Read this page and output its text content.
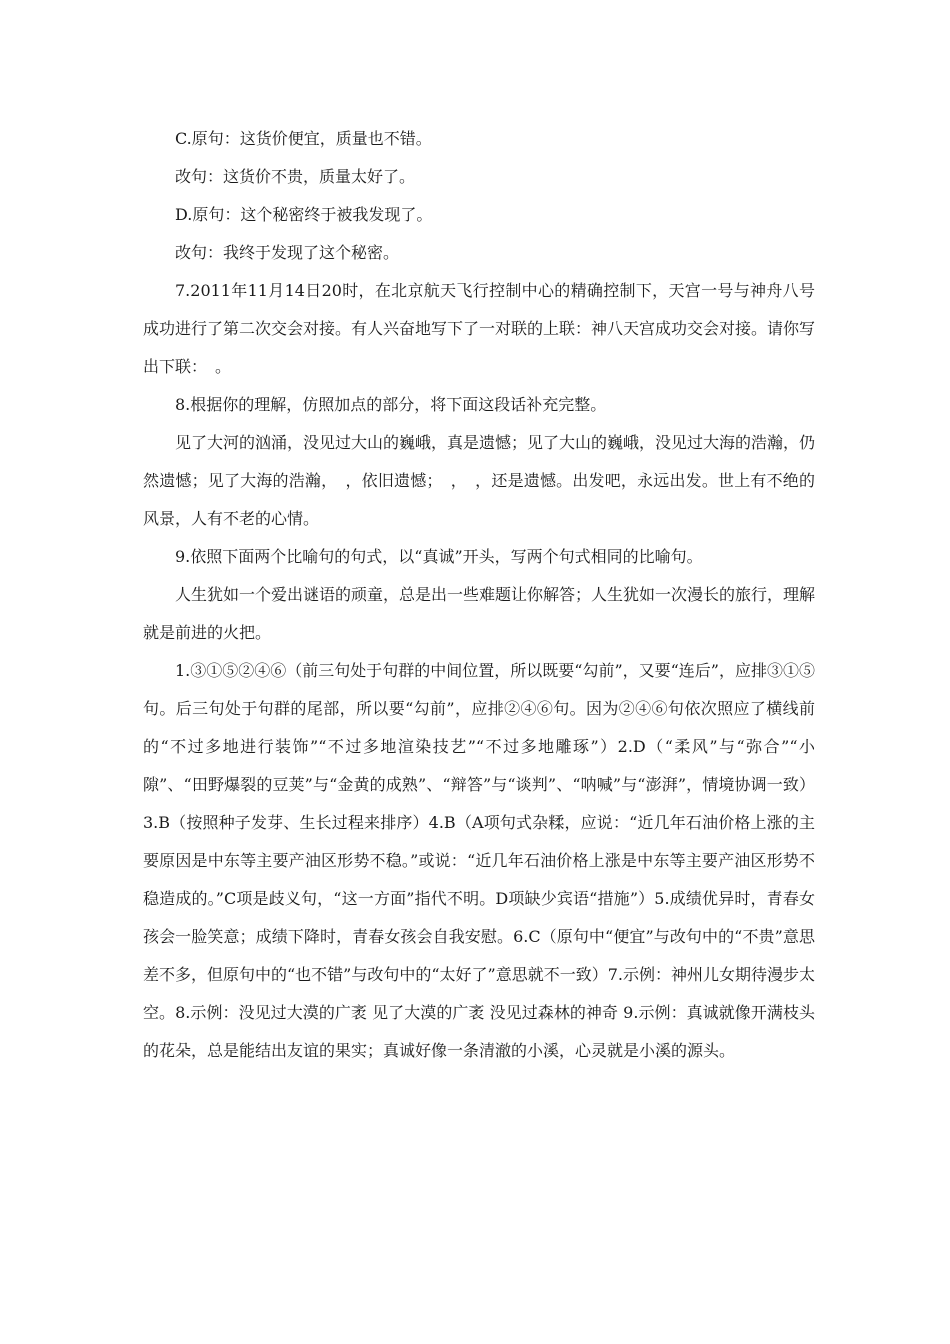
C.原句：这货价便宜，质量也不错。

改句：这货价不贵，质量太好了。

D.原句：这个秘密终于被我发现了。

改句：我终于发现了这个秘密。

7.2011年11月14日20时，在北京航天飞行控制中心的精确控制下，天宫一号与神舟八号成功进行了第二次交会对接。有人兴奋地写下了一对联的上联：神八天宫成功交会对接。请你写出下联：　。

8.根据你的理解，仿照加点的部分，将下面这段话补充完整。

见了大河的汹涌，没见过大山的巍峨，真是遗憾；见了大山的巍峨，没见过大海的浩瀚，仍然遗憾；见了大海的浩瀚，　，依旧遗憾；　，　，还是遗憾。出发吧，永远出发。世上有不绝的风景，人有不老的心情。

9.依照下面两个比喻句的句式，以“真诚”开头，写两个句式相同的比喻句。

人生犹如一个爱出谜语的顽童，总是出一些难题让你解答；人生犹如一次漫长的旅行，理解就是前进的火把。

1.③①⑤②④⑥（前三句处于句群的中间位置，所以既要“勾前”，又要“连后”，应排③①⑤句。后三句处于句群的尾部，所以要“勾前”，应排②④⑥句。因为②④⑥句依次照应了横线前的“不过多地进行装饰”“不过多地渲染技艺”“不过多地雕琢”）2.D（“柔风”与“弥合”“小隙”、“田野爆裂的豆荚”与“金黄的成熟”、“辩答”与“谈判”、“呐喊”与“澎湃”，情境协调一致）3.B（按照种子发芽、生长过程来排序）4.B（A项句式杂糅，应说：“近几年石油价格上涨的主要原因是中东等主要产油区形势不稳。”或说：“近几年石油价格上涨是中东等主要产油区形势不稳造成的。”C项是歧义句，“这一方面”指代不明。D项缺少宾语“措施”）5.成绩优异时，青春女孩会一脸笑意；成绩下降时，青春女孩会自我安慰。6.C（原句中“便宜”与改句中的“不贵”意思差不多，但原句中的“也不错”与改句中的“太好了”意思就不一致）7.示例：神州儿女期待漫步太空。8.示例：没见过大漠的广袤 见了大漠的广袤 没见过森林的神奇 9.示例：真诚就像开满枝头的花朵，总是能结出友谊的果实；真诚好像一条清澈的小溪，心灵就是小溪的源头。
